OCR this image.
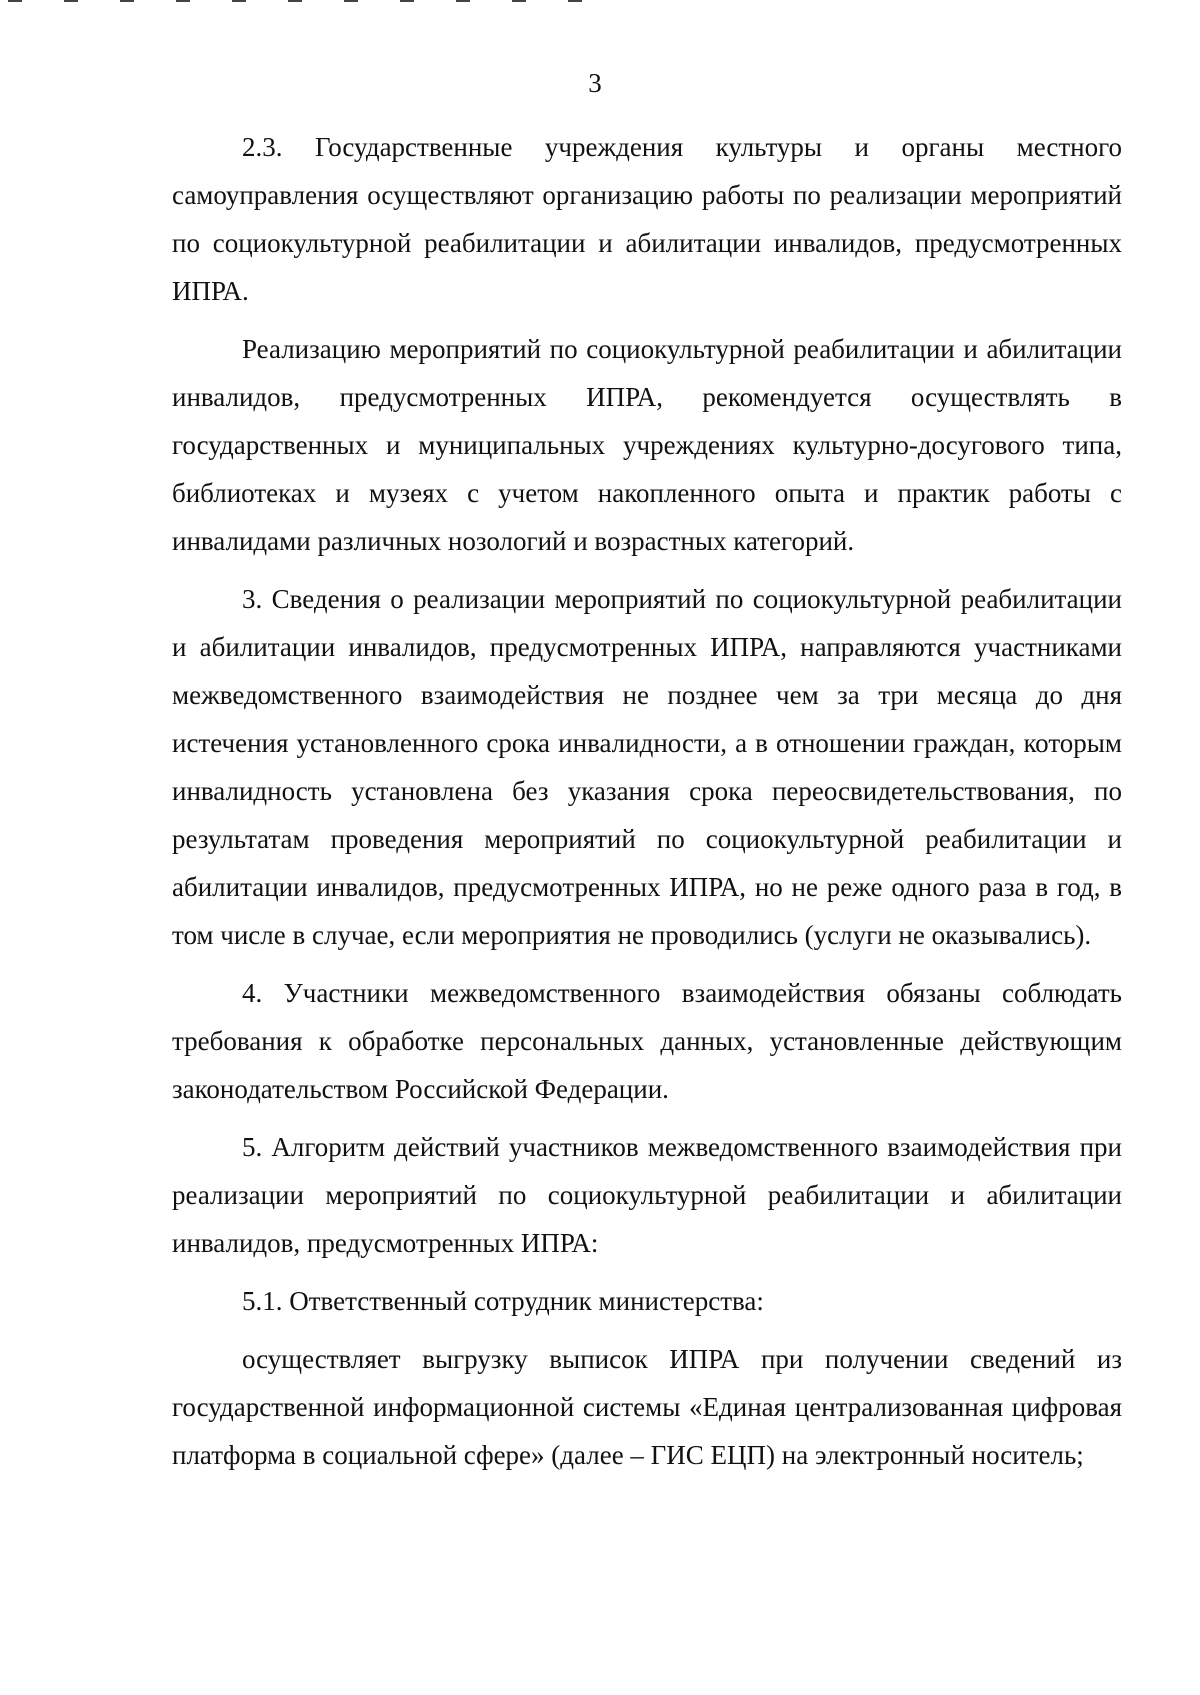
3

2.3. Государственные учреждения культуры и органы местного самоуправления осуществляют организацию работы по реализации мероприятий по социокультурной реабилитации и абилитации инвалидов, предусмотренных ИПРА.

Реализацию мероприятий по социокультурной реабилитации и абилитации инвалидов, предусмотренных ИПРА, рекомендуется осуществлять в государственных и муниципальных учреждениях культурно-досугового типа, библиотеках и музеях с учетом накопленного опыта и практик работы с инвалидами различных нозологий и возрастных категорий.

3. Сведения о реализации мероприятий по социокультурной реабилитации и абилитации инвалидов, предусмотренных ИПРА, направляются участниками межведомственного взаимодействия не позднее чем за три месяца до дня истечения установленного срока инвалидности, а в отношении граждан, которым инвалидность установлена без указания срока переосвидетельствования, по результатам проведения мероприятий по социокультурной реабилитации и абилитации инвалидов, предусмотренных ИПРА, но не реже одного раза в год, в том числе в случае, если мероприятия не проводились (услуги не оказывались).

4. Участники межведомственного взаимодействия обязаны соблюдать требования к обработке персональных данных, установленные действующим законодательством Российской Федерации.

5. Алгоритм действий участников межведомственного взаимодействия при реализации мероприятий по социокультурной реабилитации и абилитации инвалидов, предусмотренных ИПРА:

5.1. Ответственный сотрудник министерства:

осуществляет выгрузку выписок ИПРА при получении сведений из государственной информационной системы «Единая централизованная цифровая платформа в социальной сфере» (далее – ГИС ЕЦП) на электронный носитель;
